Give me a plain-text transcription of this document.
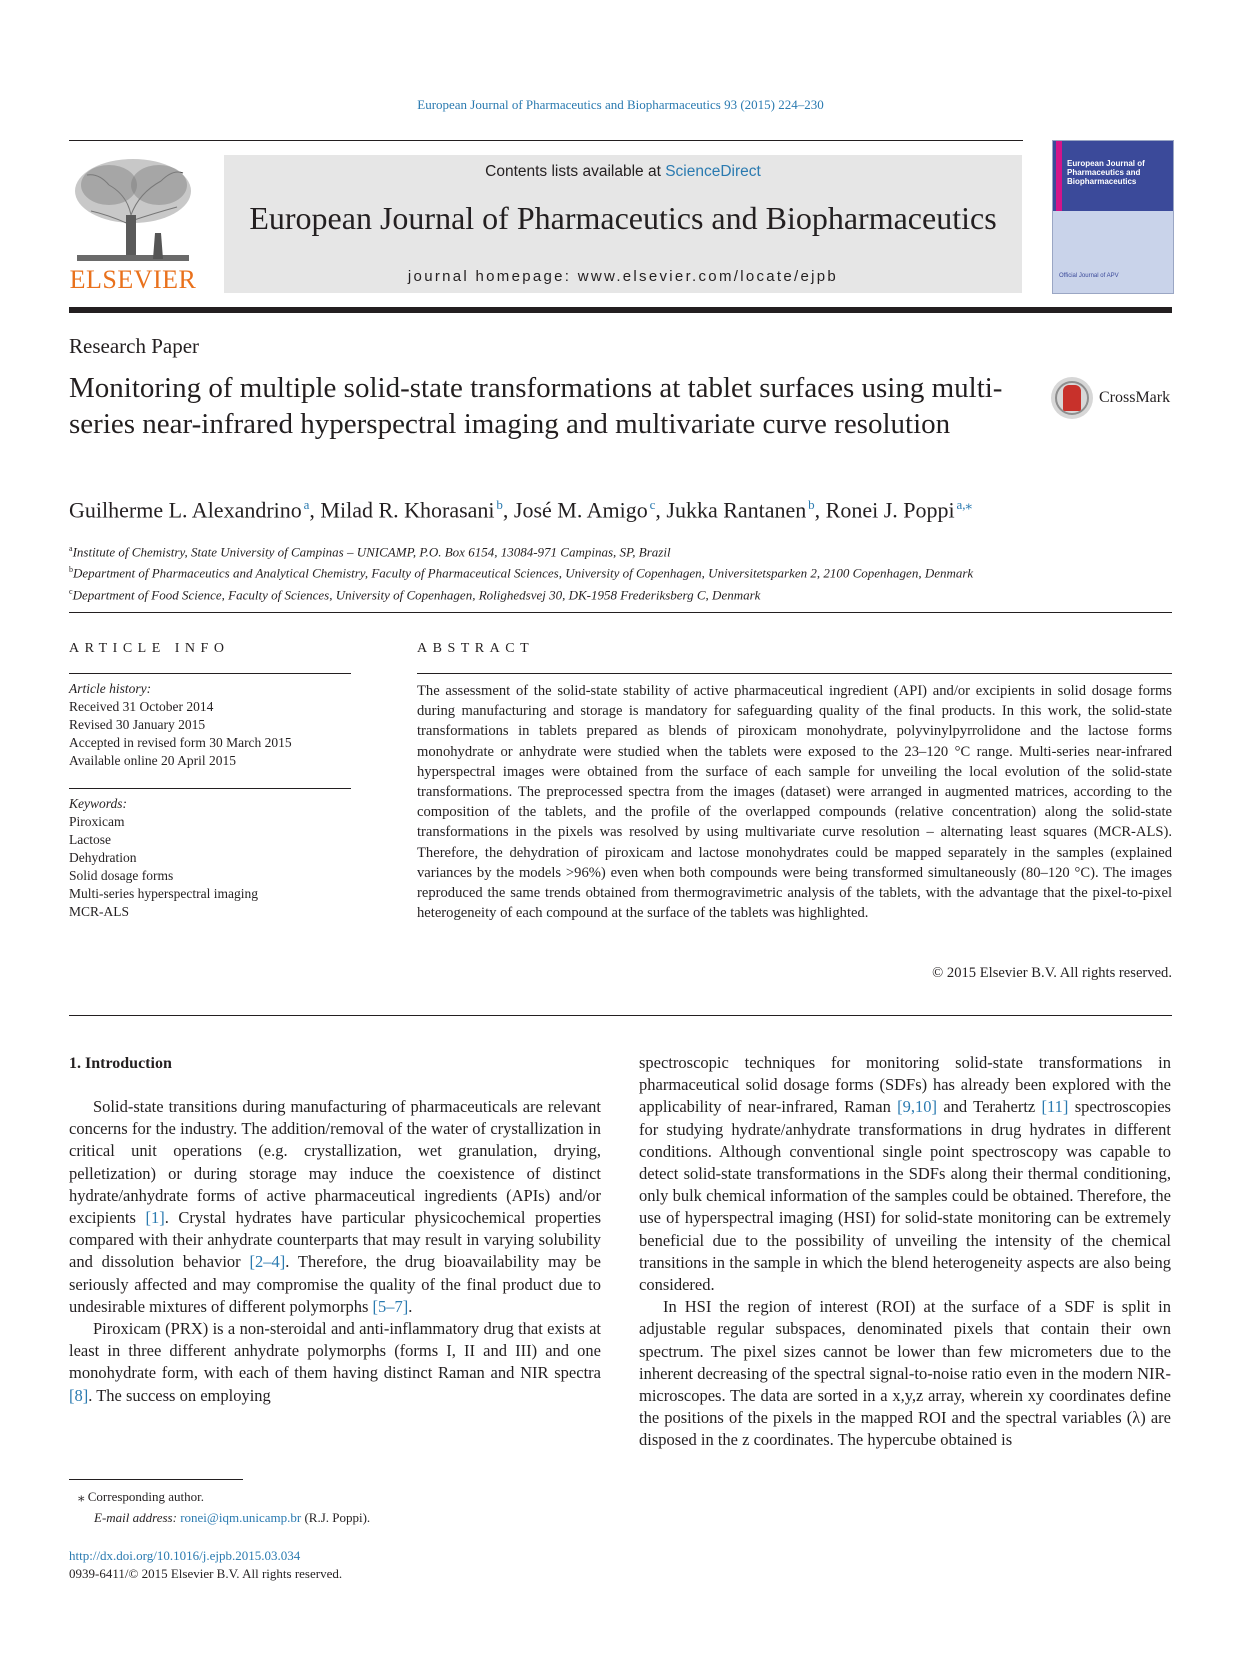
European Journal of Pharmaceutics and Biopharmaceutics 93 (2015) 224–230
ELSEVIER
Contents lists available at ScienceDirect
European Journal of Pharmaceutics and Biopharmaceutics
journal homepage: www.elsevier.com/locate/ejpb
European Journal of Pharmaceutics and Biopharmaceutics
Official Journal of APV
Research Paper
Monitoring of multiple solid-state transformations at tablet surfaces using multi-series near-infrared hyperspectral imaging and multivariate curve resolution
CrossMark
Guilherme L. Alexandrino  $^a$, Milad R. Khorasani  $^b$, José M. Amigo  $^c$, Jukka Rantanen  $^b$, Ronei J. Poppi  $^{a,⁎}$
$^a$Institute of Chemistry, State University of Campinas – UNICAMP, P.O. Box 6154, 13084-971 Campinas, SP, Brazil
$^b$Department of Pharmaceutics and Analytical Chemistry, Faculty of Pharmaceutical Sciences, University of Copenhagen, Universitetsparken 2, 2100 Copenhagen, Denmark
$^c$Department of Food Science, Faculty of Sciences, University of Copenhagen, Rolighedsvej 30, DK-1958 Frederiksberg C, Denmark
ARTICLE INFO	ABSTRACT
Article history:
Received 31 October 2014
Revised 30 January 2015
Accepted in revised form 30 March 2015
Available online 20 April 2015
Keywords:
Piroxicam
Lactose
Dehydration
Solid dosage forms
Multi-series hyperspectral imaging
MCR-ALS
The assessment of the solid-state stability of active pharmaceutical ingredient (API) and/or excipients in solid dosage forms during manufacturing and storage is mandatory for safeguarding quality of the final products. In this work, the solid-state transformations in tablets prepared as blends of piroxicam monohydrate, polyvinylpyrrolidone and the lactose forms monohydrate or anhydrate were studied when the tablets were exposed to the 23–120 °C range. Multi-series near-infrared hyperspectral images were obtained from the surface of each sample for unveiling the local evolution of the solid-state transformations. The preprocessed spectra from the images (dataset) were arranged in augmented matrices, according to the composition of the tablets, and the profile of the overlapped compounds (relative concentration) along the solid-state transformations in the pixels was resolved by using multivariate curve resolution – alternating least squares (MCR-ALS). Therefore, the dehydration of piroxicam and lactose monohydrates could be mapped separately in the samples (explained variances by the models >96%) even when both compounds were being transformed simultaneously (80–120 °C). The images reproduced the same trends obtained from thermogravimetric analysis of the tablets, with the advantage that the pixel-to-pixel heterogeneity of each compound at the surface of the tablets was highlighted.
© 2015 Elsevier B.V. All rights reserved.
1. Introduction

Solid-state transitions during manufacturing of pharmaceuticals are relevant concerns for the industry. The addition/removal of the water of crystallization in critical unit operations (e.g. crystallization, wet granulation, drying, pelletization) or during storage may induce the coexistence of distinct hydrate/anhydrate forms of active pharmaceutical ingredients (APIs) and/or excipients [1]. Crystal hydrates have particular physicochemical properties compared with their anhydrate counterparts that may result in varying solubility and dissolution behavior [2–4]. Therefore, the drug bioavailability may be seriously affected and may compromise the quality of the final product due to undesirable mixtures of different polymorphs [5–7].

Piroxicam (PRX) is a non-steroidal and anti-inflammatory drug that exists at least in three different anhydrate polymorphs (forms I, II and III) and one monohydrate form, with each of them having distinct Raman and NIR spectra [8]. The success on employing

spectroscopic techniques for monitoring solid-state transformations in pharmaceutical solid dosage forms (SDFs) has already been explored with the applicability of near-infrared, Raman [9,10] and Terahertz [11] spectroscopies for studying hydrate/anhydrate transformations in drug hydrates in different conditions. Although conventional single point spectroscopy was capable to detect solid-state transformations in the SDFs along their thermal conditioning, only bulk chemical information of the samples could be obtained. Therefore, the use of hyperspectral imaging (HSI) for solid-state monitoring can be extremely beneficial due to the possibility of unveiling the intensity of the chemical transitions in the sample in which the blend heterogeneity aspects are also being considered.

In HSI the region of interest (ROI) at the surface of a SDF is split in adjustable regular subspaces, denominated pixels that contain their own spectrum. The pixel sizes cannot be lower than few micrometers due to the inherent decreasing of the spectral signal-to-noise ratio even in the modern NIR-microscopes. The data are sorted in a x,y,z array, wherein xy coordinates define the positions of the pixels in the mapped ROI and the spectral variables (λ) are disposed in the z coordinates. The hypercube obtained is

⁎ Corresponding author.
E-mail address: ronei@iqm.unicamp.br (R.J. Poppi).
http://dx.doi.org/10.1016/j.ejpb.2015.03.034
0939-6411/© 2015 Elsevier B.V. All rights reserved.
